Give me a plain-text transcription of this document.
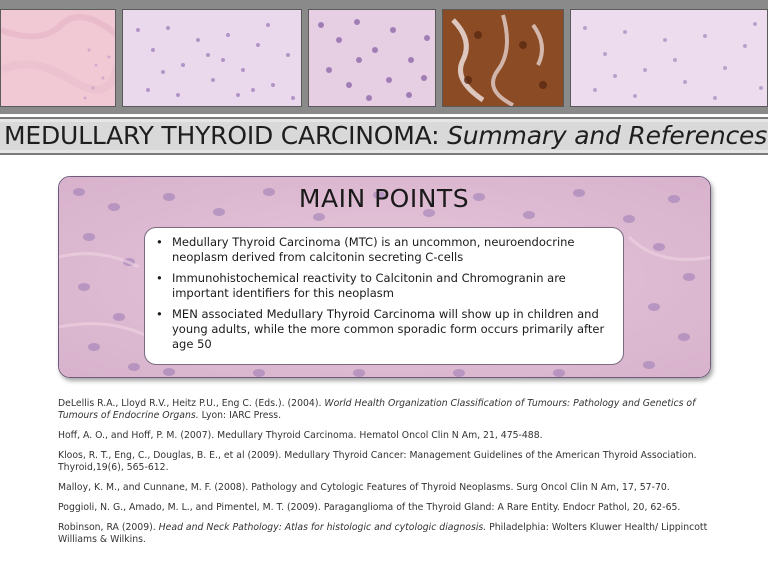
MEDULLARY THYROID CARCINOMA: Summary and References
MAIN POINTS
• Medullary Thyroid Carcinoma (MTC) is an uncommon, neuroendocrine neoplasm derived from calcitonin secreting C-cells
• Immunohistochemical reactivity to Calcitonin and Chromogranin are important identifiers for this neoplasm
• MEN associated Medullary Thyroid Carcinoma will show up in children and young adults, while the more common sporadic form occurs primarily after age 50
DeLellis R.A., Lloyd R.V., Heitz P.U., Eng C. (Eds.). (2004). World Health Organization Classification of Tumours: Pathology and Genetics of Tumours of Endocrine Organs. Lyon: IARC Press.
Hoff, A. O., and Hoff, P. M. (2007). Medullary Thyroid Carcinoma. Hematol Oncol Clin N Am, 21, 475-488.
Kloos, R. T., Eng, C., Douglas, B. E., et al (2009). Medullary Thyroid Cancer: Management Guidelines of the American Thyroid Association. Thyroid,19(6), 565-612.
Malloy, K. M., and Cunnane, M. F. (2008). Pathology and Cytologic Features of Thyroid Neoplasms. Surg Oncol Clin N Am, 17, 57-70.
Poggioli, N. G., Amado, M. L., and Pimentel, M. T. (2009). Paraganglioma of the Thyroid Gland: A Rare Entity. Endocr Pathol, 20, 62-65.
Robinson, RA (2009). Head and Neck Pathology: Atlas for histologic and cytologic diagnosis. Philadelphia: Wolters Kluwer Health/ Lippincott Williams & Wilkins.
